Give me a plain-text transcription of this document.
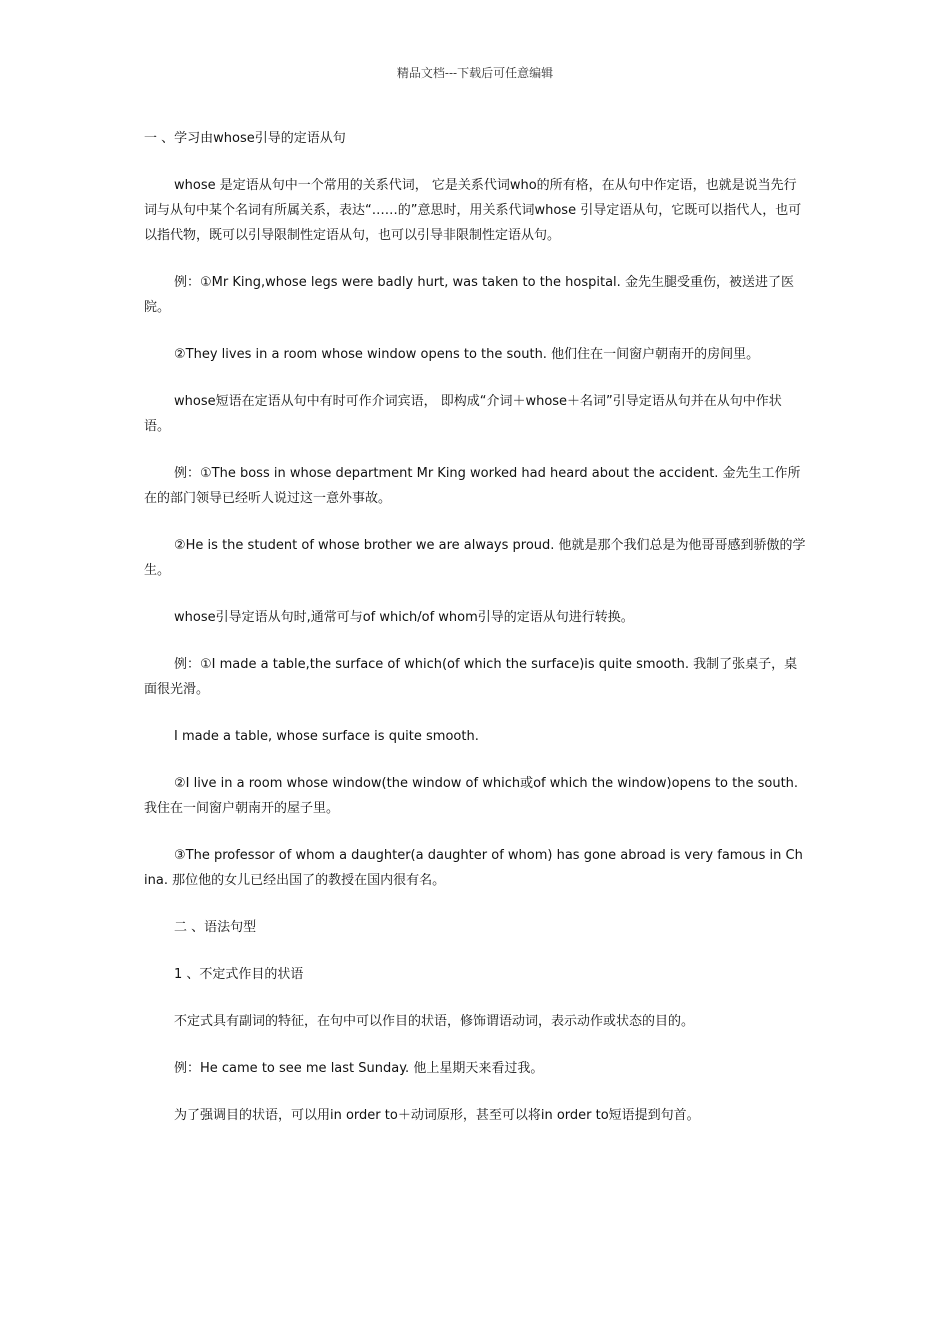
精品文档---下载后可任意编辑

一 、学习由whose引导的定语从句

whose 是定语从句中一个常用的关系代词， 它是关系代词who的所有格，在从句中作定语，也就是说当先行词与从句中某个名词有所属关系，表达“……的”意思时，用关系代词whose 引导定语从句，它既可以指代人，也可以指代物，既可以引导限制性定语从句，也可以引导非限制性定语从句。

例：①Mr King,whose legs were badly hurt, was taken to the hospital. 金先生腿受重伤，被送进了医院。

②They lives in a room whose window opens to the south. 他们住在一间窗户朝南开的房间里。

whose短语在定语从句中有时可作介词宾语， 即构成“介词＋whose＋名词”引导定语从句并在从句中作状语。

例：①The boss in whose department Mr King worked had heard about the accident. 金先生工作所在的部门领导已经听人说过这一意外事故。

②He is the student of whose brother we are always proud. 他就是那个我们总是为他哥哥感到骄傲的学生。

whose引导定语从句时,通常可与of which/of whom引导的定语从句进行转换。

例：①I made a table,the surface of which(of which the surface)is quite smooth. 我制了张桌子，桌面很光滑。

I made a table, whose surface is quite smooth.

②I live in a room whose window(the window of which或of which the window)opens to the south. 我住在一间窗户朝南开的屋子里。

③The professor of whom a daughter(a daughter of whom) has gone abroad is very famous in China. 那位他的女儿已经出国了的教授在国内很有名。

二 、语法句型

1 、不定式作目的状语

不定式具有副词的特征，在句中可以作目的状语，修饰谓语动词，表示动作或状态的目的。

例：He came to see me last Sunday. 他上星期天来看过我。

为了强调目的状语，可以用in order to＋动词原形，甚至可以将in order to短语提到句首。
